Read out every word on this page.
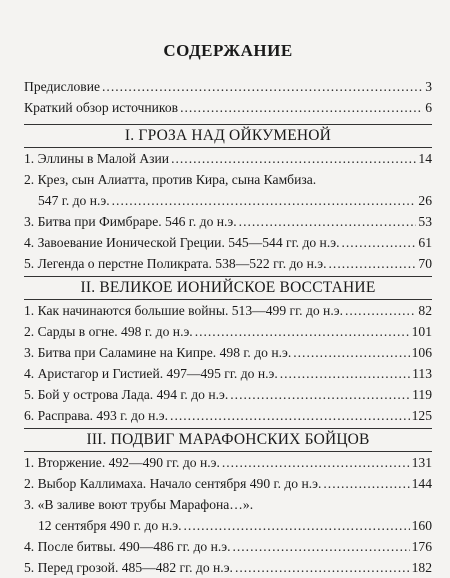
СОДЕРЖАНИЕ
Предисловие .....	3
Краткий обзор источников .....	6
I. ГРОЗА НАД ОЙКУМЕНОЙ
1. Эллины в Малой Азии .....	14
2. Крез, сын Алиатта, против Кира, сына Камбиза.
547 г. до н.э. .....	26
3. Битва при Фимбраре. 546 г. до н.э. .....	53
4. Завоевание Ионической Греции. 545—544 гг. до н.э. .....	61
5. Легенда о перстне Поликрата. 538—522 гг. до н.э. .....	70
II. ВЕЛИКОЕ ИОНИЙСКОЕ ВОССТАНИЕ
1. Как начинаются большие войны. 513—499 гг. до н.э. .....	82
2. Сарды в огне. 498 г. до н.э. .....	101
3. Битва при Саламине на Кипре. 498 г. до н.э. .....	106
4. Аристагор и Гистией. 497—495 гг. до н.э. .....	113
5. Бой у острова Лада. 494 г. до н.э. .....	119
6. Расправа. 493 г. до н.э. .....	125
III. ПОДВИГ МАРАФОНСКИХ БОЙЦОВ
1. Вторжение. 492—490 гг. до н.э. .....	131
2. Выбор Каллимаха. Начало сентября 490 г. до н.э. .....	144
3. «В заливе воют трубы Марафона…».
12 сентября 490 г. до н.э. .....	160
4. После битвы. 490—486 гг. до н.э. .....	176
5. Перед грозой. 485—482 гг. до н.э. .....	182
